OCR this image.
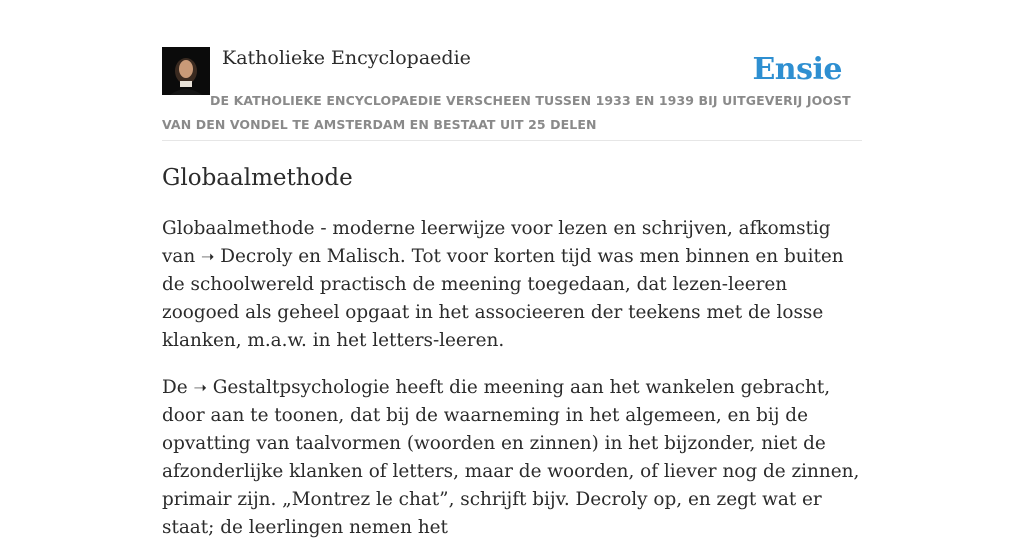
Katholieke Encyclopaedie	Ensie
DE KATHOLIEKE ENCYCLOPAEDIE VERSCHEEN TUSSEN 1933 EN 1939 BIJ UITGEVERIJ JOOST VAN DEN VONDEL TE AMSTERDAM EN BESTAAT UIT 25 DELEN
Globaalmethode

Globaalmethode - moderne leerwijze voor lezen en schrijven, afkomstig van ➝ Decroly en Malisch. Tot voor korten tijd was men binnen en buiten de schoolwereld practisch de meening toegedaan, dat lezen-leeren zoogoed als geheel opgaat in het associeeren der teekens met de losse klanken, m.a.w. in het letters-leeren.

De ➝ Gestaltpsychologie heeft die meening aan het wankelen gebracht, door aan te toonen, dat bij de waarneming in het algemeen, en bij de opvatting van taalvormen (woorden en zinnen) in het bijzonder, niet de afzonderlijke klanken of letters, maar de woorden, of liever nog de zinnen, primair zijn. „Montrez le chat”, schrijft bijv. Decroly op, en zegt wat er staat; de leerlingen nemen het
